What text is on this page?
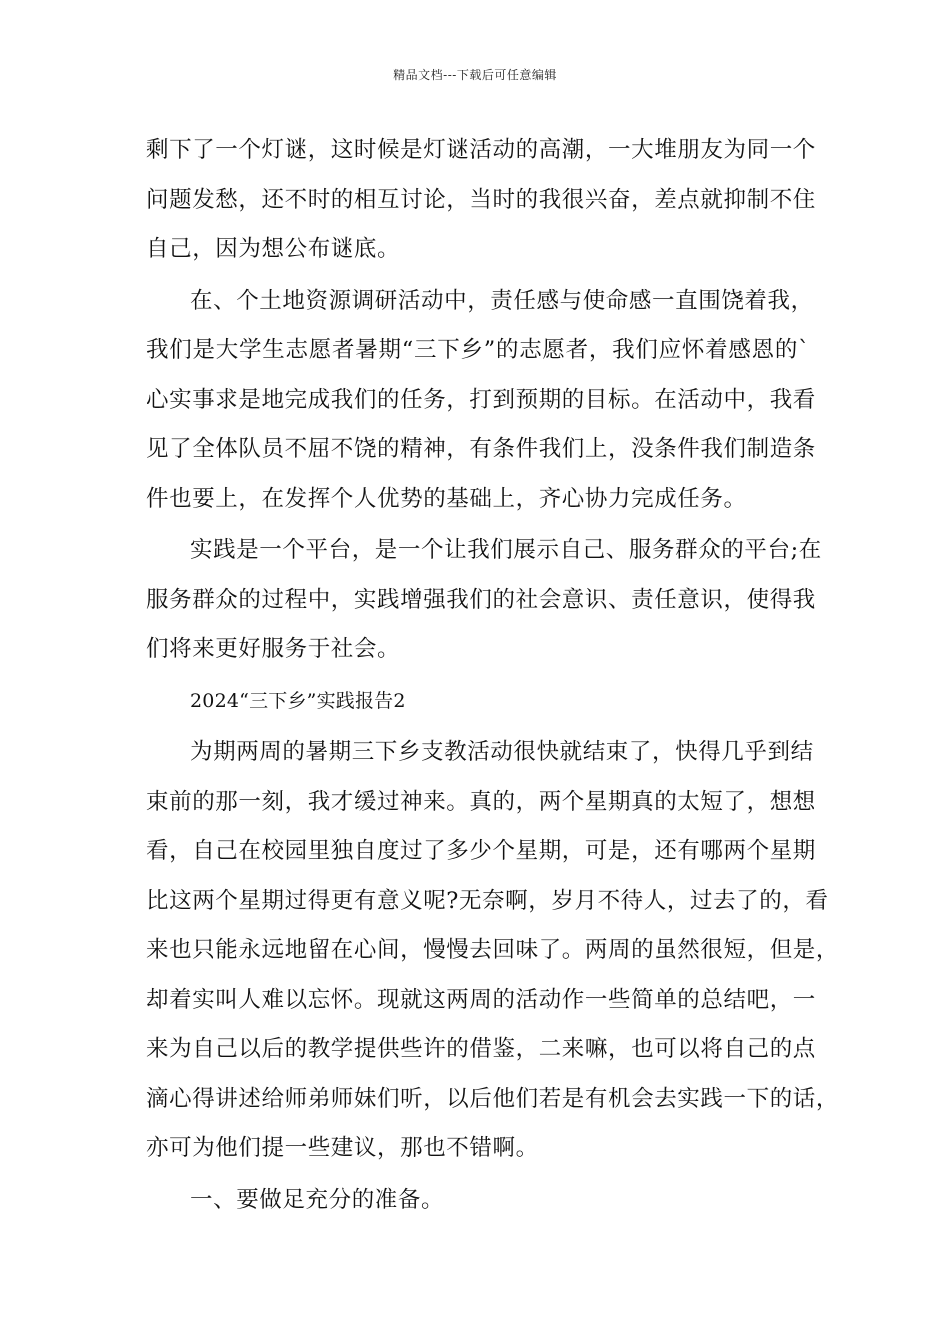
精品文档---下载后可任意编辑
剩下了一个灯谜，这时候是灯谜活动的高潮，一大堆朋友为同一个
问题发愁，还不时的相互讨论，当时的我很兴奋，差点就抑制不住
自己，因为想公布谜底。
在、个土地资源调研活动中，责任感与使命感一直围饶着我，
我们是大学生志愿者暑期“三下乡”的志愿者，我们应怀着感恩的`
心实事求是地完成我们的任务，打到预期的目标。在活动中，我看
见了全体队员不屈不饶的精神，有条件我们上，没条件我们制造条
件也要上，在发挥个人优势的基础上，齐心协力完成任务。
实践是一个平台，是一个让我们展示自己、服务群众的平台;在
服务群众的过程中，实践增强我们的社会意识、责任意识，使得我
们将来更好服务于社会。
2024“三下乡”实践报告2
为期两周的暑期三下乡支教活动很快就结束了，快得几乎到结
束前的那一刻，我才缓过神来。真的，两个星期真的太短了，想想
看，自己在校园里独自度过了多少个星期，可是，还有哪两个星期
比这两个星期过得更有意义呢?无奈啊，岁月不待人，过去了的，看
来也只能永远地留在心间，慢慢去回味了。两周的虽然很短，但是，
却着实叫人难以忘怀。现就这两周的活动作一些简单的总结吧，一
来为自己以后的教学提供些许的借鉴，二来嘛，也可以将自己的点
滴心得讲述给师弟师妹们听，以后他们若是有机会去实践一下的话，
亦可为他们提一些建议，那也不错啊。
一、要做足充分的准备。
